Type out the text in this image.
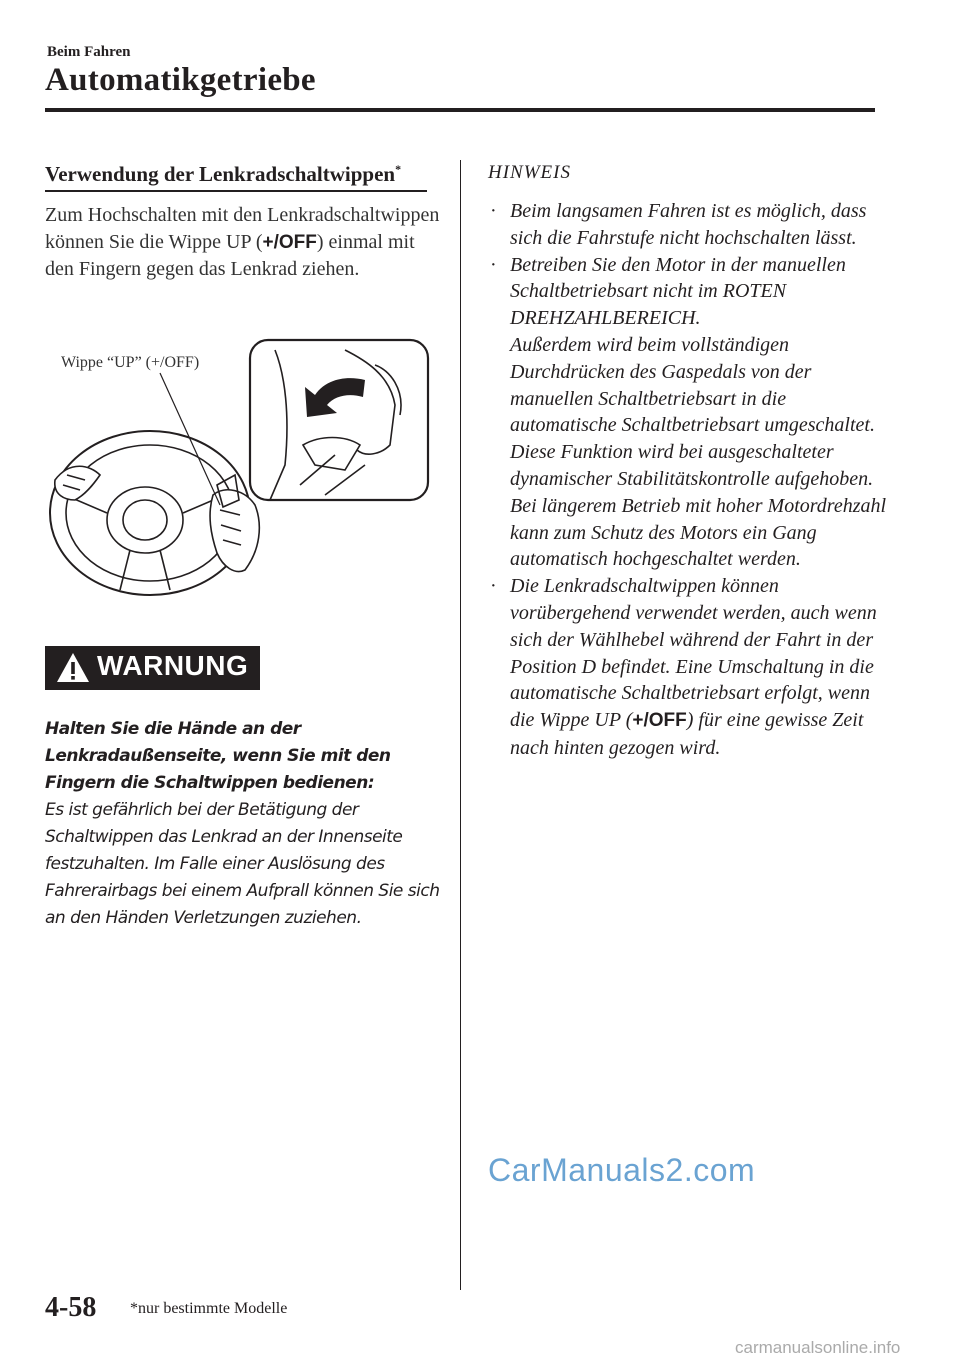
Beim Fahren
Automatikgetriebe
Verwendung der Lenkradschaltwippen*
Zum Hochschalten mit den Lenkradschaltwippen können Sie die Wippe UP (+/OFF) einmal mit den Fingern gegen das Lenkrad ziehen.
Wippe “UP” (+/OFF)
WARNUNG
Halten Sie die Hände an der Lenkradaußenseite, wenn Sie mit den Fingern die Schaltwippen bedienen:
Es ist gefährlich bei der Betätigung der Schaltwippen das Lenkrad an der Innenseite festzuhalten. Im Falle einer Auslösung des Fahrerairbags bei einem Aufprall können Sie sich an den Händen Verletzungen zuziehen.
HINWEIS
· Beim langsamen Fahren ist es möglich, dass sich die Fahrstufe nicht hochschalten lässt.
· Betreiben Sie den Motor in der manuellen Schaltbetriebsart nicht im ROTEN DREHZAHLBEREICH.
Außerdem wird beim vollständigen Durchdrücken des Gaspedals von der manuellen Schaltbetriebsart in die automatische Schaltbetriebsart umgeschaltet.
Diese Funktion wird bei ausgeschalteter dynamischer Stabilitätskontrolle aufgehoben. Bei längerem Betrieb mit hoher Motordrehzahl kann zum Schutz des Motors ein Gang automatisch hochgeschaltet werden.
· Die Lenkradschaltwippen können vorübergehend verwendet werden, auch wenn sich der Wählhebel während der Fahrt in der Position D befindet. Eine Umschaltung in die automatische Schaltbetriebsart erfolgt, wenn die Wippe UP (+/OFF) für eine gewisse Zeit nach hinten gezogen wird.
CarManuals2.com
4-58 *nur bestimmte Modelle
carmanualsonline.info
